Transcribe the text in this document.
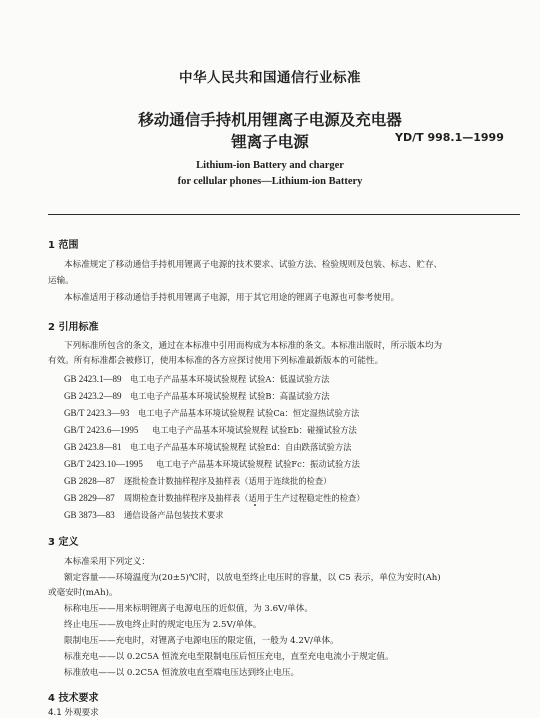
中华人民共和国通信行业标准
移动通信手持机用锂离子电源及充电器
锂离子电源	YD/T 998.1—1999
Lithium-ion Battery and charger
for cellular phones—Lithium-ion Battery
1 范围
本标准规定了移动通信手持机用锂离子电源的技术要求、试验方法、检验规则及包装、标志、贮存、
运输。
本标准适用于移动通信手持机用锂离子电源，用于其它用途的锂离子电源也可参考使用。
2 引用标准
下列标准所包含的条文，通过在本标准中引用而构成为本标准的条文。本标准出版时，所示版本均为
有效。所有标准都会被修订，使用本标准的各方应探讨使用下列标准最新版本的可能性。
GB 2423.1—89 电工电子产品基本环境试验规程 试验A：低温试验方法
GB 2423.2—89 电工电子产品基本环境试验规程 试验B：高温试验方法
GB/T 2423.3—93 电工电子产品基本环境试验规程 试验Ca：恒定湿热试验方法
GB/T 2423.6—1995 电工电子产品基本环境试验规程 试验Eb：碰撞试验方法
GB 2423.8—81 电工电子产品基本环境试验规程 试验Ed：自由跌落试验方法
GB/T 2423.10—1995 电工电子产品基本环境试验规程 试验Fc：振动试验方法
GB 2828—87 逐批检查计数抽样程序及抽样表（适用于连续批的检查）
GB 2829—87 周期检查计数抽样程序及抽样表（适用于生产过程稳定性的检查）
GB 3873—83 通信设备产品包装技术要求
3 定义
本标准采用下列定义：
额定容量——环境温度为(20±5)℃时，以放电至终止电压时的容量，以 C5 表示，单位为安时(Ah)
或毫安时(mAh)。
标称电压——用来标明锂离子电源电压的近似值，为 3.6V/单体。
终止电压——放电终止时的规定电压为 2.5V/单体。
限制电压——充电时，对锂离子电源电压的限定值，一般为 4.2V/单体。
标准充电——以 0.2C5A 恒流充电至限制电压后恒压充电，直至充电电流小于规定值。
标准放电——以 0.2C5A 恒流放电直至端电压达到终止电压。
4 技术要求
4.1 外观要求
